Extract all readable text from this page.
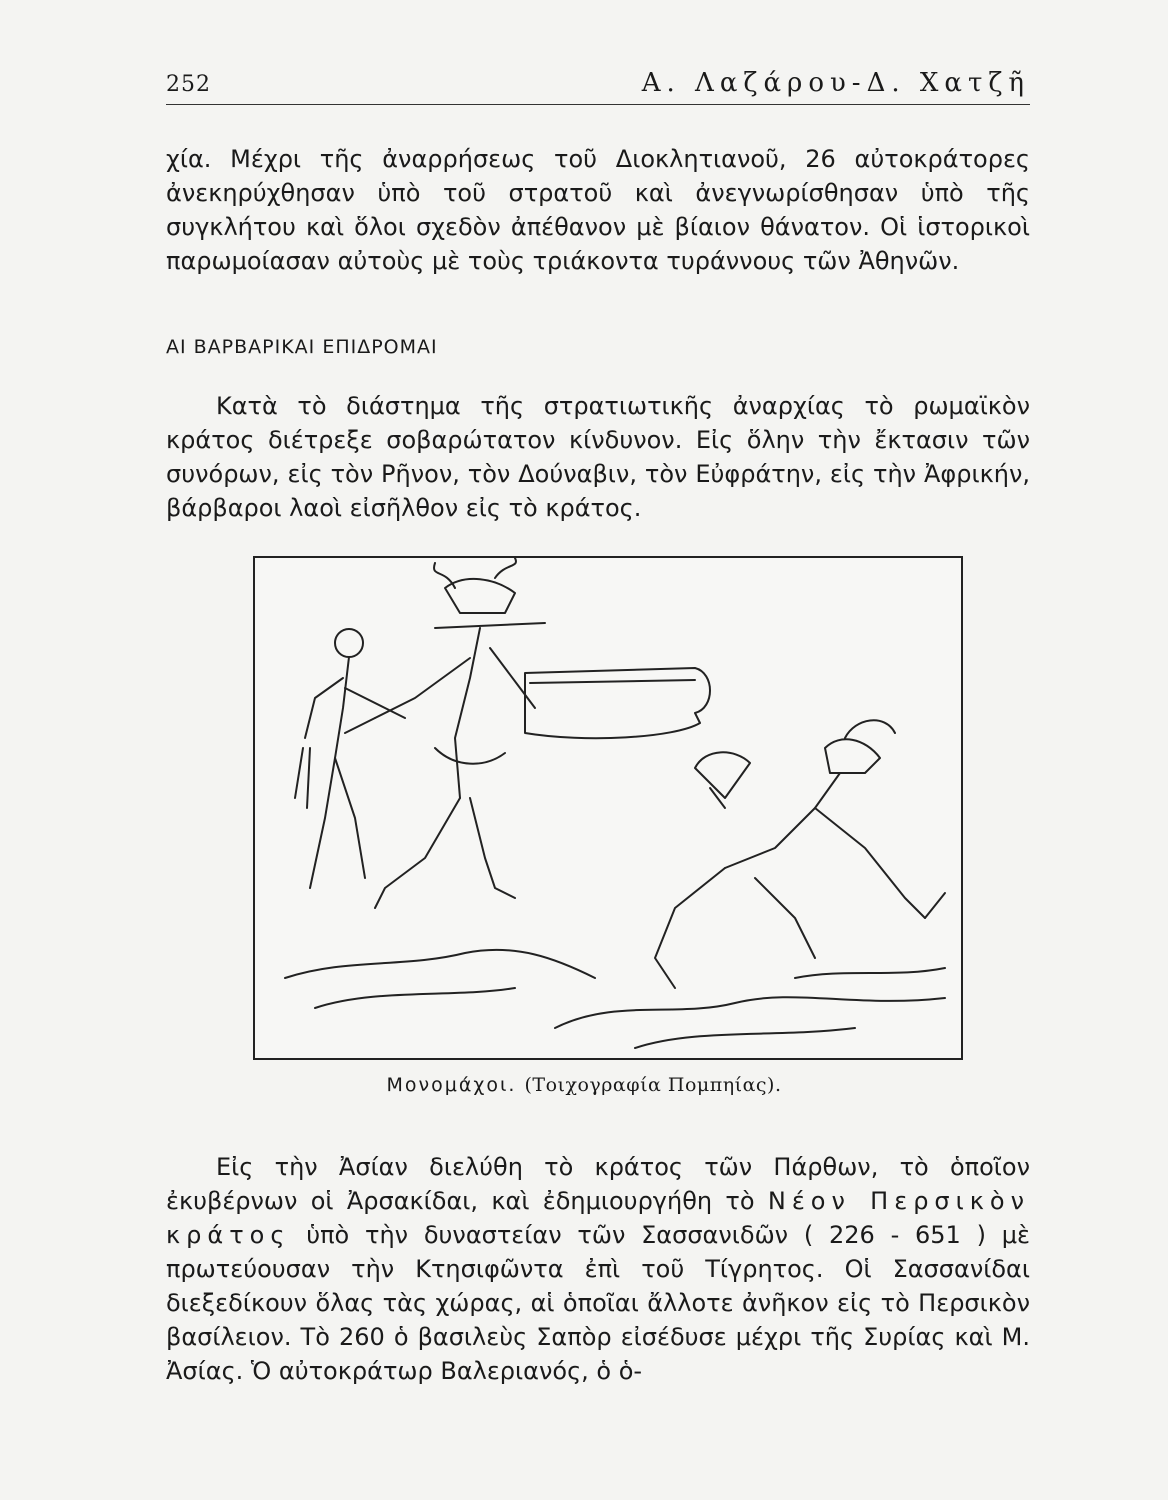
252	Α. Λαζάρου-Δ. Χατζῆ

χία. Μέχρι τῆς ἀναρρήσεως τοῦ Διοκλητιανοῦ, 26 αὐτοκράτορες ἀνεκηρύχθησαν ὑπὸ τοῦ στρατοῦ καὶ ἀνεγνωρίσθησαν ὑπὸ τῆς συγκλήτου καὶ ὅλοι σχεδὸν ἀπέθανον μὲ βίαιον θάνατον. Οἱ ἱστορικοὶ παρωμοίασαν αὐτοὺς μὲ τοὺς τριάκοντα τυράννους τῶν Ἀθηνῶν.

ΑΙ ΒΑΡΒΑΡΙΚΑΙ ΕΠΙΔΡΟΜΑΙ

Κατὰ τὸ διάστημα τῆς στρατιωτικῆς ἀναρχίας τὸ ρωμαϊκὸν κράτος διέτρεξε σοβαρώτατον κίνδυνον. Εἰς ὅλην τὴν ἔκτασιν τῶν συνόρων, εἰς τὸν Ρῆνον, τὸν Δούναβιν, τὸν Εὐφράτην, εἰς τὴν Ἀφρικήν, βάρβαροι λαοὶ εἰσῆλθον εἰς τὸ κράτος.

Μονομάχοι. (Τοιχογραφία Πομπηίας).

Εἰς τὴν Ἀσίαν διελύθη τὸ κράτος τῶν Πάρθων, τὸ ὁποῖον ἐκυβέρνων οἱ Ἀρσακίδαι, καὶ ἐδημιουργήθη τὸ Νέον Περσικὸν κράτος ὑπὸ τὴν δυναστείαν τῶν Σασσανιδῶν ( 226 - 651 ) μὲ πρωτεύουσαν τὴν Κτησιφῶντα ἐπὶ τοῦ Τίγρητος. Οἱ Σασσανίδαι διεξεδίκουν ὅλας τὰς χώρας, αἱ ὁποῖαι ἄλλοτε ἀνῆκον εἰς τὸ Περσικὸν βασίλειον. Τὸ 260 ὁ βασιλεὺς Σαπὸρ εἰσέδυσε μέχρι τῆς Συρίας καὶ Μ. Ἀσίας. Ὁ αὐτοκράτωρ Βαλεριανός, ὁ ὁ-
